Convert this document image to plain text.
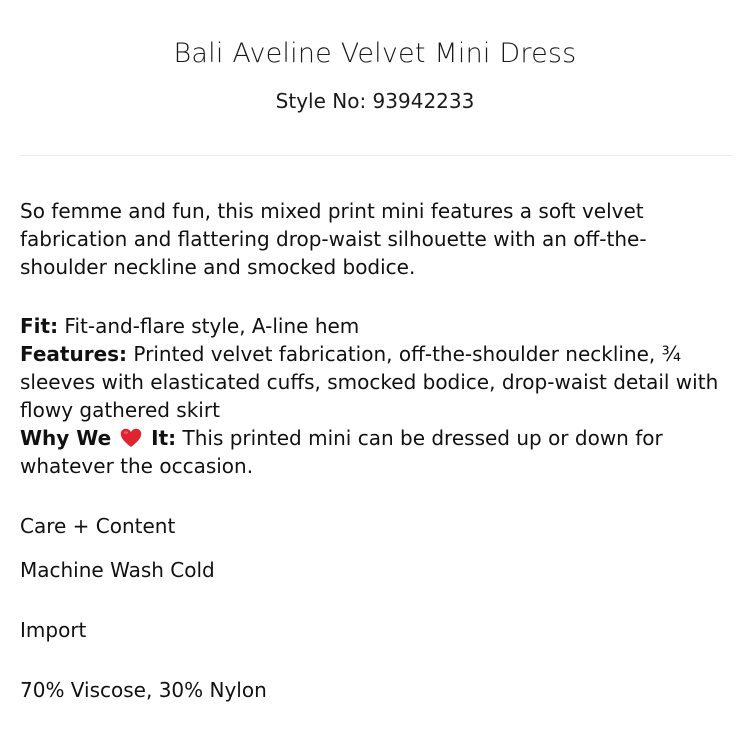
Bali Aveline Velvet Mini Dress
Style No: 93942233

So femme and fun, this mixed print mini features a soft velvet fabrication and flattering drop-waist silhouette with an off-the-shoulder neckline and smocked bodice.

Fit: Fit-and-flare style, A-line hem
Features: Printed velvet fabrication, off-the-shoulder neckline, ¾ sleeves with elasticated cuffs, smocked bodice, drop-waist detail with flowy gathered skirt
Why We
It: This printed mini can be dressed up or down for whatever the occasion.

Care + Content

Machine Wash Cold

Import

70% Viscose, 30% Nylon
